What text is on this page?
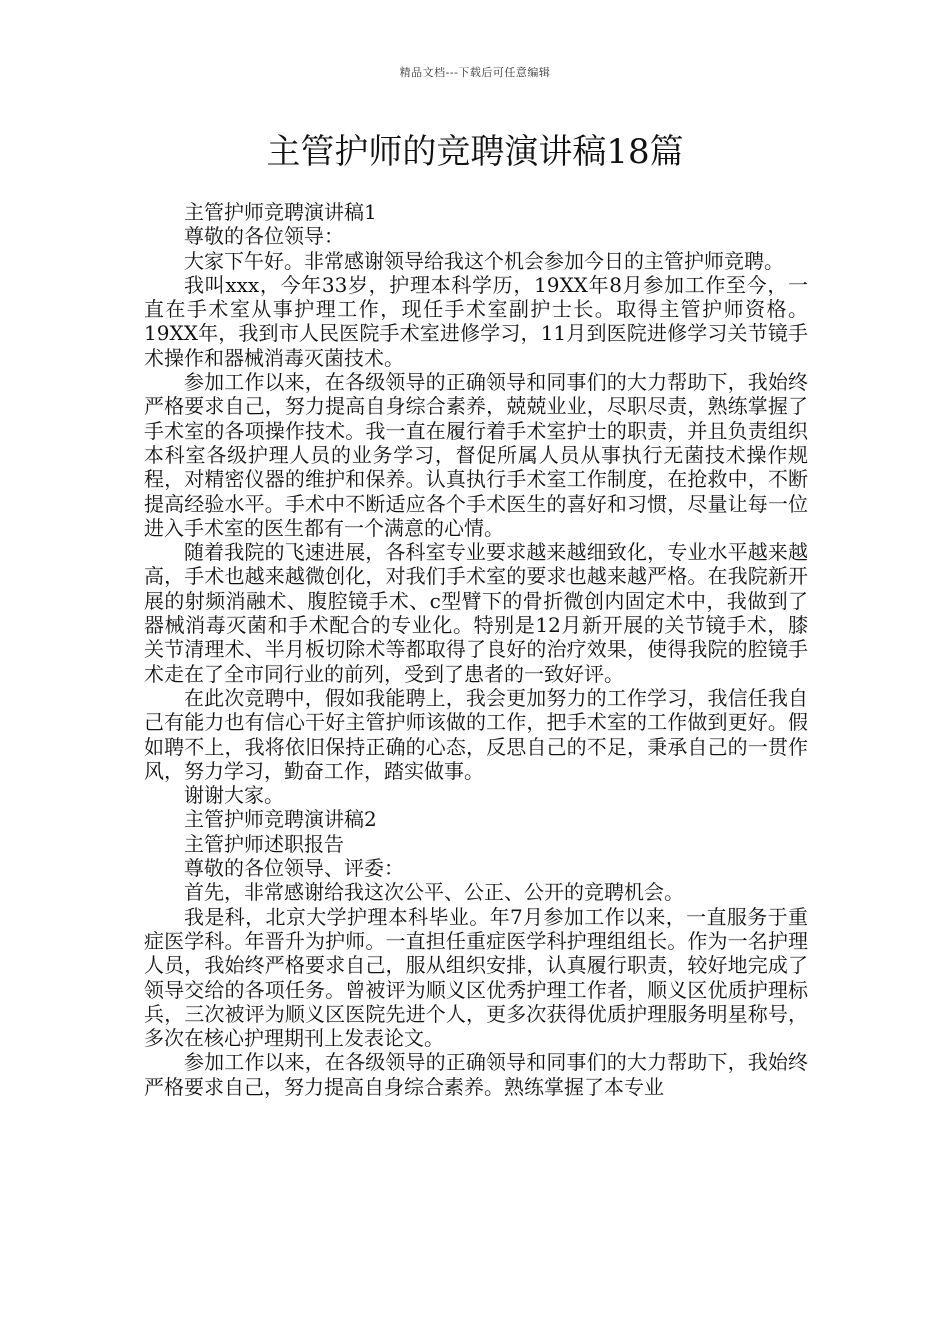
精品文档---下载后可任意编辑
主管护师的竞聘演讲稿18篇

主管护师竞聘演讲稿1

尊敬的各位领导：

大家下午好。非常感谢领导给我这个机会参加今日的主管护师竞聘。

我叫xxx，今年33岁，护理本科学历，19XX年8月参加工作至今，一直在手术室从事护理工作，现任手术室副护士长。取得主管护师资格。19XX年，我到市人民医院手术室进修学习，11月到医院进修学习关节镜手术操作和器械消毒灭菌技术。

参加工作以来，在各级领导的正确领导和同事们的大力帮助下，我始终严格要求自己，努力提高自身综合素养，兢兢业业，尽职尽责，熟练掌握了手术室的各项操作技术。我一直在履行着手术室护士的职责，并且负责组织本科室各级护理人员的业务学习，督促所属人员从事执行无菌技术操作规程，对精密仪器的维护和保养。认真执行手术室工作制度，在抢救中，不断提高经验水平。手术中不断适应各个手术医生的喜好和习惯，尽量让每一位进入手术室的医生都有一个满意的心情。

随着我院的飞速进展，各科室专业要求越来越细致化，专业水平越来越高，手术也越来越微创化，对我们手术室的要求也越来越严格。在我院新开展的射频消融术、腹腔镜手术、c型臂下的骨折微创内固定术中，我做到了器械消毒灭菌和手术配合的专业化。特别是12月新开展的关节镜手术，膝关节清理术、半月板切除术等都取得了良好的治疗效果，使得我院的腔镜手术走在了全市同行业的前列，受到了患者的一致好评。

在此次竞聘中，假如我能聘上，我会更加努力的工作学习，我信任我自己有能力也有信心干好主管护师该做的工作，把手术室的工作做到更好。假如聘不上，我将依旧保持正确的心态，反思自己的不足，秉承自己的一贯作风，努力学习，勤奋工作，踏实做事。

谢谢大家。

主管护师竞聘演讲稿2

主管护师述职报告

尊敬的各位领导、评委：

首先，非常感谢给我这次公平、公正、公开的竞聘机会。

我是科，北京大学护理本科毕业。年7月参加工作以来，一直服务于重症医学科。年晋升为护师。一直担任重症医学科护理组组长。作为一名护理人员，我始终严格要求自己，服从组织安排，认真履行职责，较好地完成了领导交给的各项任务。曾被评为顺义区优秀护理工作者，顺义区优质护理标兵，三次被评为顺义区医院先进个人，更多次获得优质护理服务明星称号，多次在核心护理期刊上发表论文。

参加工作以来，在各级领导的正确领导和同事们的大力帮助下，我始终严格要求自己，努力提高自身综合素养。熟练掌握了本专业
